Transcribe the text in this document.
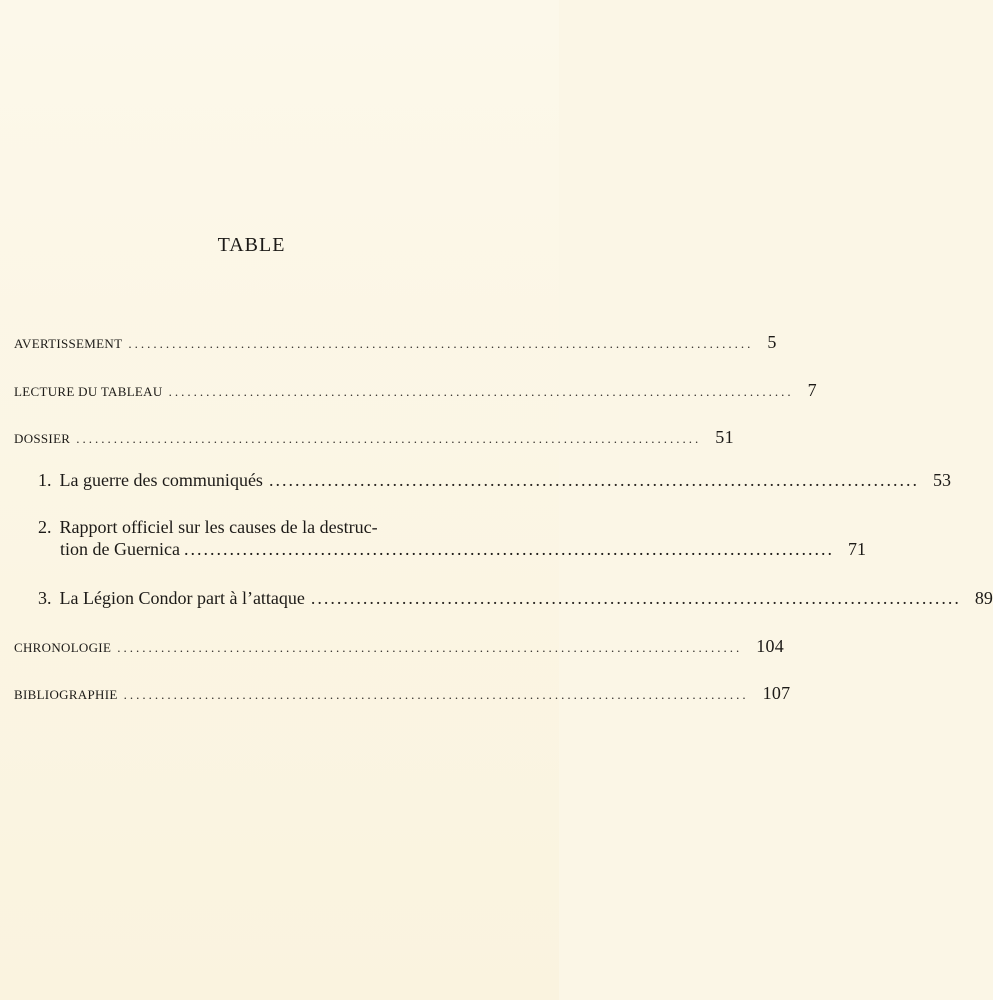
TABLE
AVERTISSEMENT .................................................................................................... 5
LECTURE DU TABLEAU .................................................................................................... 7
DOSSIER .................................................................................................... 51
1. La guerre des communiqués .................................................................................................... 53
2. Rapport officiel sur les causes de la destruc-
tion de Guernica .................................................................................................... 71
3. La Légion Condor part à l’attaque .................................................................................................... 89
CHRONOLOGIE .................................................................................................... 104
BIBLIOGRAPHIE .................................................................................................... 107
